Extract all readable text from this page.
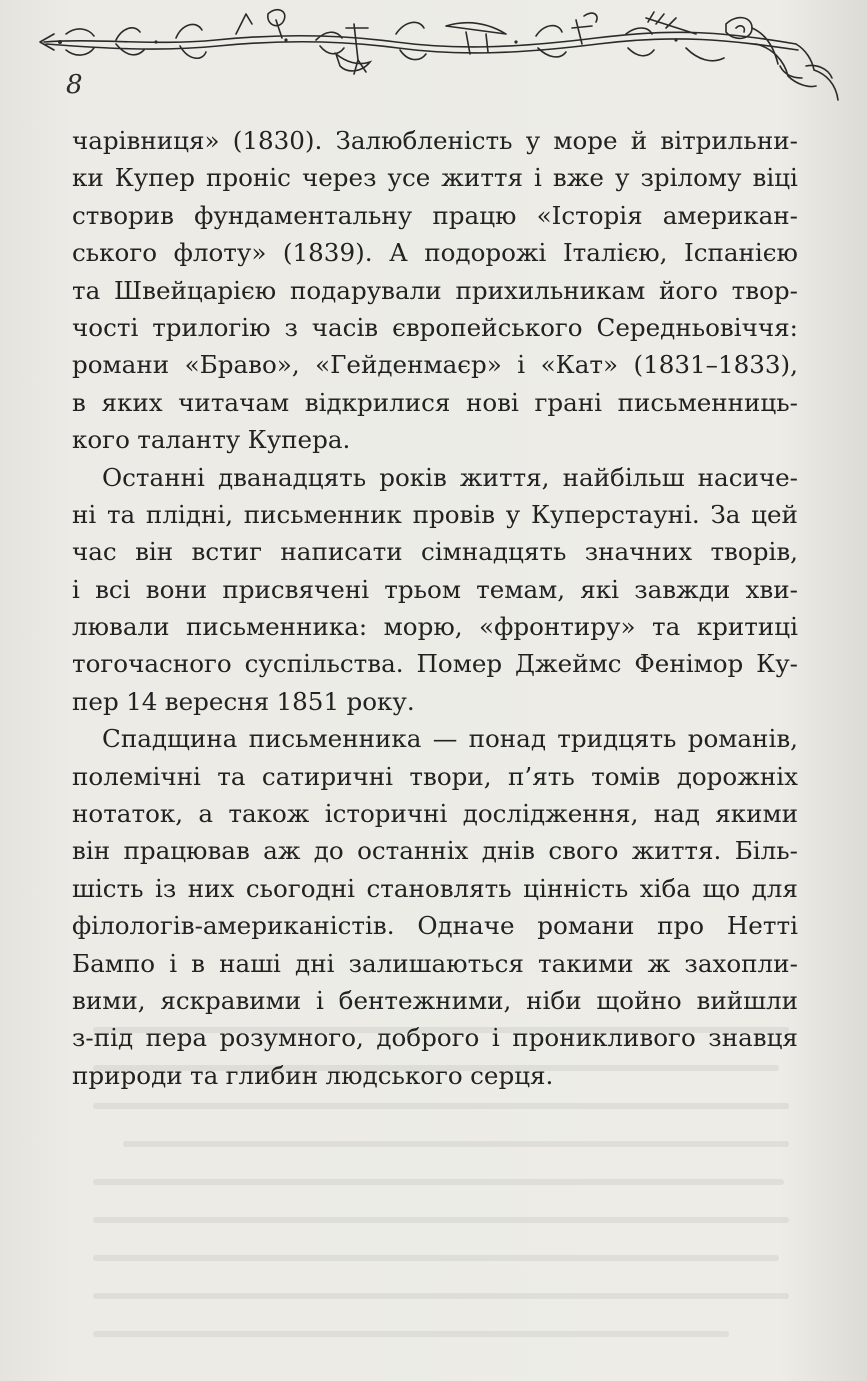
8
чарівниця» (1830). Залюбленість у море й вітрильни-
ки Купер проніс через усе життя і вже у зрілому віці
створив фундаментальну працю «Історія американ-
ського флоту» (1839). А подорожі Італією, Іспанією
та Швейцарією подарували прихильникам його твор-
чості трилогію з часів європейського Середньовіччя:
романи «Браво», «Гейденмаєр» і «Кат» (1831–1833),
в яких читачам відкрилися нові грані письменниць-
кого таланту Купера.
Останні дванадцять років життя, найбільш насиче-
ні та плідні, письменник провів у Куперстауні. За цей
час він встиг написати сімнадцять значних творів,
і всі вони присвячені трьом темам, які завжди хви-
лювали письменника: морю, «фронтиру» та критиці
тогочасного суспільства. Помер Джеймс Фенімор Ку-
пер 14 вересня 1851 року.
Спадщина письменника — понад тридцять романів,
полемічні та сатиричні твори, п’ять томів дорожніх
нотаток, а також історичні дослідження, над якими
він працював аж до останніх днів свого життя. Біль-
шість із них сьогодні становлять цінність хіба що для
філологів-американістів. Одначе романи про Нетті
Бампо і в наші дні залишаються такими ж захопли-
вими, яскравими і бентежними, ніби щойно вийшли
з-під пера розумного, доброго і проникливого знавця
природи та глибин людського серця.
